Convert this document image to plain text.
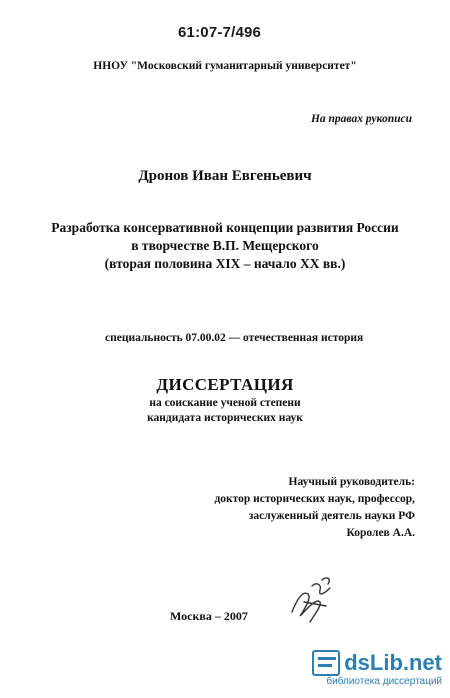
61:07-7/496
ННОУ "Московский гуманитарный университет"
На правах рукописи
Дронов Иван Евгеньевич
Разработка консервативной концепции развития России
в творчестве В.П. Мещерского
(вторая половина XIX – начало XX вв.)
специальность 07.00.02 — отечественная история
ДИССЕРТАЦИЯ
на соискание ученой степени
кандидата исторических наук
Научный руководитель:
доктор исторических наук, профессор,
заслуженный деятель науки РФ
Королев А.А.
Москва – 2007
dsLib.net
библиотека диссертаций
